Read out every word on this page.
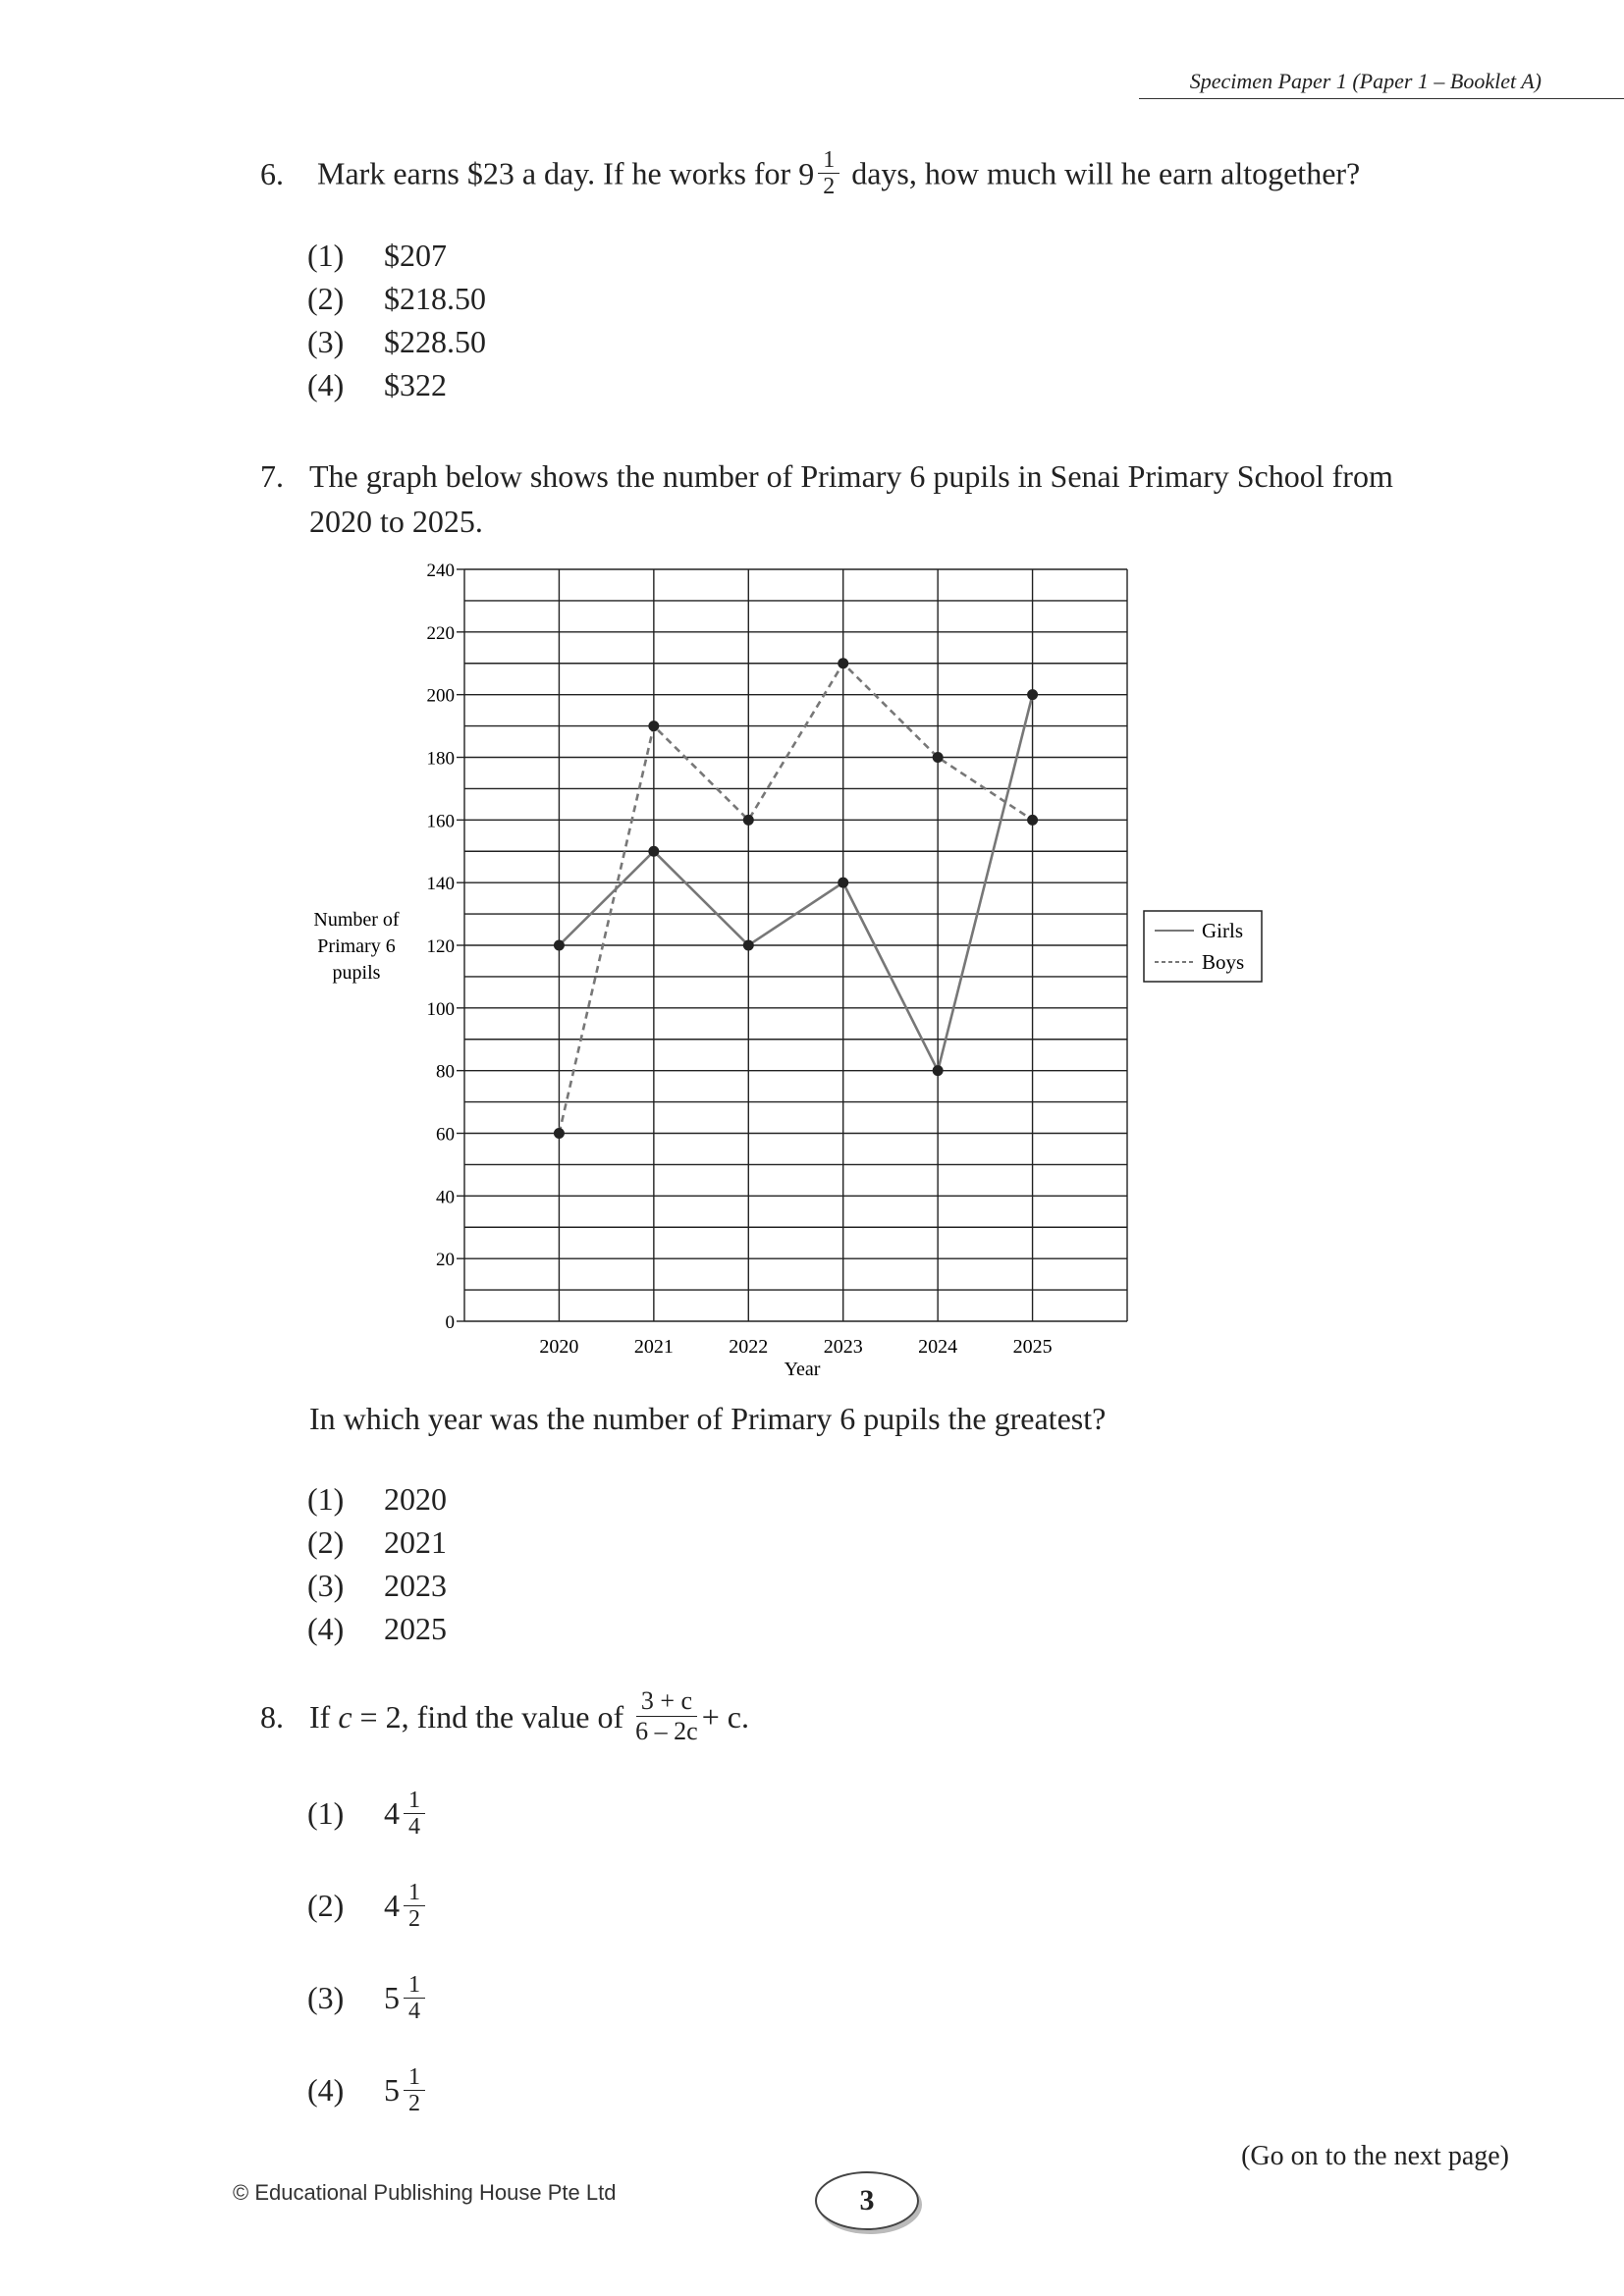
Specimen Paper 1 (Paper 1 – Booklet A)
6. Mark earns $23 a day. If he works for $9 \frac{1}{2}$ days, how much will he earn altogether?
(1) $207
(2) $218.50
(3) $228.50
(4) $322
7. The graph below shows the number of Primary 6 pupils in Senai Primary School from
2020 to 2025.
0
20
40
60
80
100
120
140
160
180
200
220
240
2020	2021	2022	2023	2024	2025
Year
Number of
Primary 6
pupils
Girls
Boys
In which year was the number of Primary 6 pupils the greatest?
(1) 2020
(2) 2021
(3) 2023
(4) 2025
8. If
c
= 2, find the value of
$\frac{3 + c}{6 - 2c} + c$.
(1)	$4 \frac{1}{4}$
(2)	$4 \frac{1}{2}$
(3)	$5 \frac{1}{4}$
(4)	$5 \frac{1}{2}$
(Go on to the next page)
© Educational Publishing House Pte Ltd	3
